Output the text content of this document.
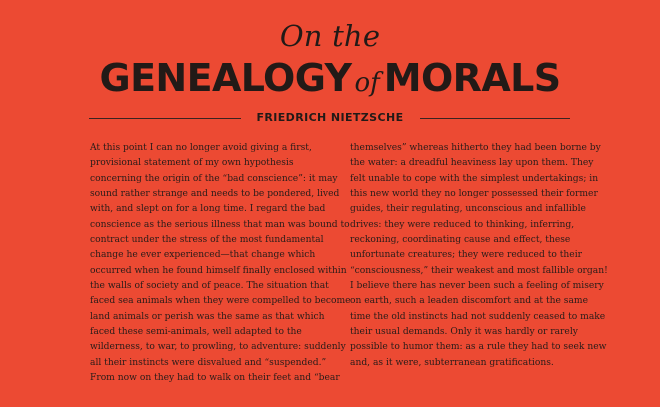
On the
GENEALOGY of MORALS
FRIEDRICH NIETZSCHE
At this point I can no longer avoid giving a first,
provisional statement of my own hypothesis
concerning the origin of the “bad conscience”: it may
sound rather strange and needs to be pondered, lived
with, and slept on for a long time. I regard the bad
conscience as the serious illness that man was bound to
contract under the stress of the most fundamental
change he ever experienced—that change which
occurred when he found himself finally enclosed within
the walls of society and of peace. The situation that
faced sea animals when they were compelled to become
land animals or perish was the same as that which
faced these semi-animals, well adapted to the
wilderness, to war, to prowling, to adventure: suddenly
all their instincts were disvalued and “suspended.”
From now on they had to walk on their feet and “bear
themselves” whereas hitherto they had been borne by
the water: a dreadful heaviness lay upon them. They
felt unable to cope with the simplest undertakings; in
this new world they no longer possessed their former
guides, their regulating, unconscious and infallible
drives: they were reduced to thinking, inferring,
reckoning, coordinating cause and effect, these
unfortunate creatures; they were reduced to their
“consciousness,” their weakest and most fallible organ!
I believe there has never been such a feeling of misery
on earth, such a leaden discomfort and at the same
time the old instincts had not suddenly ceased to make
their usual demands. Only it was hardly or rarely
possible to humor them: as a rule they had to seek new
and, as it were, subterranean gratifications.
